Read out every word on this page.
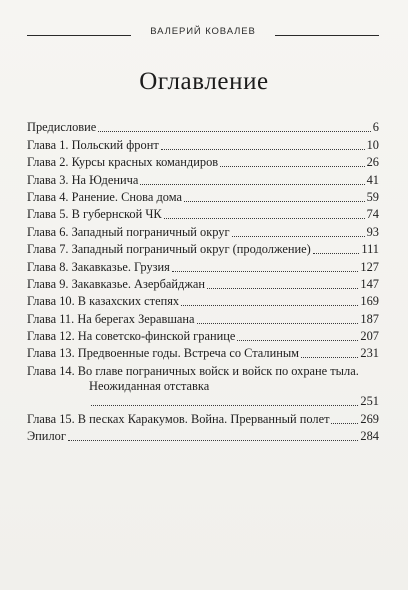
ВАЛЕРИЙ КОВАЛЕВ
Оглавление
Предисловие	6
Глава 1. Польский фронт	10
Глава 2. Курсы красных командиров	26
Глава 3. На Юденича	41
Глава 4. Ранение. Снова дома	59
Глава 5. В губернской ЧК	74
Глава 6. Западный пограничный округ	93
Глава 7. Западный пограничный округ (продолжение)	111
Глава 8. Закавказье. Грузия	127
Глава 9. Закавказье. Азербайджан	147
Глава 10. В казахских степях	169
Глава 11. На берегах Зеравшана	187
Глава 12. На советско-финской границе	207
Глава 13. Предвоенные годы. Встреча со Сталиным	231
Глава 14. Во главе пограничных войск и войск по охране тыла.
Неожиданная отставка
251
Глава 15. В песках Каракумов. Война. Прерванный полет 269
Эпилог	284
